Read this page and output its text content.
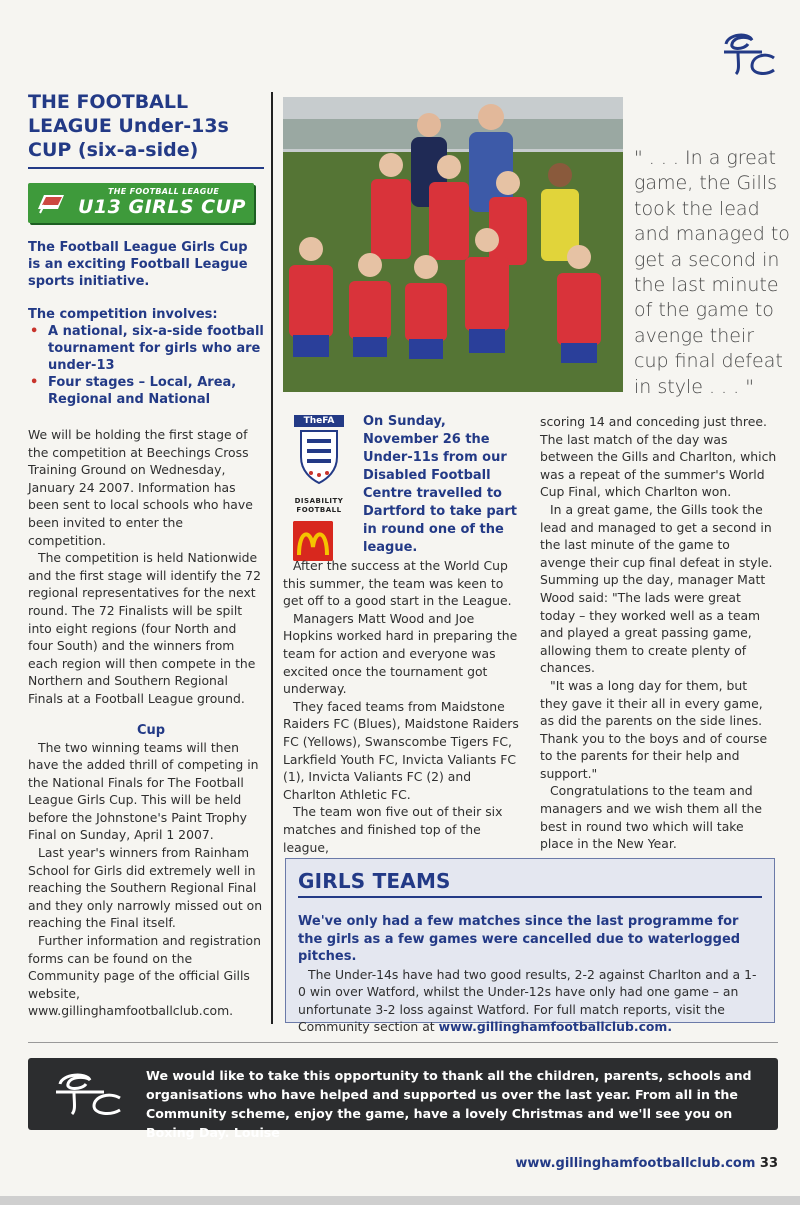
THE FOOTBALL LEAGUE Under-13s CUP (six-a-side)
THE FOOTBALL LEAGUE
U13 GIRLS CUP

The Football League Girls Cup is an exciting Football League sports initiative.

The competition involves:

• A national, six-a-side football tournament for girls who are under-13
• Four stages – Local, Area, Regional and National

We will be holding the first stage of the competition at Beechings Cross Training Ground on Wednesday, January 24 2007. Information has been sent to local schools who have been invited to enter the competition.

The competition is held Nationwide and the first stage will identify the 72 regional representatives for the next round. The 72 Finalists will be spilt into eight regions (four North and four South) and the winners from each region will then compete in the Northern and Southern Regional Finals at a Football League ground.

Cup

The two winning teams will then have the added thrill of competing in the National Finals for The Football League Girls Cup. This will be held before the Johnstone's Paint Trophy Final on Sunday, April 1 2007.

Last year's winners from Rainham School for Girls did extremely well in reaching the Southern Regional Final and they only narrowly missed out on reaching the Final itself.

Further information and registration forms can be found on the Community page of the official Gills website, www.gillinghamfootballclub.com.

" . . . In a great game, the Gills took the lead and managed to get a second in the last minute of the game to avenge their cup final defeat in style . . . "

TheFA

DISABILITY FOOTBALL

On Sunday, November 26 the Under-11s from our Disabled Football Centre travelled to Dartford to take part in round one of the league.

After the success at the World Cup this summer, the team was keen to get off to a good start in the League.

Managers Matt Wood and Joe Hopkins worked hard in preparing the team for action and everyone was excited once the tournament got underway.

They faced teams from Maidstone Raiders FC (Blues), Maidstone Raiders FC (Yellows), Swanscombe Tigers FC, Larkfield Youth FC, Invicta Valiants FC (1), Invicta Valiants FC (2) and Charlton Athletic FC.

The team won five out of their six matches and finished top of the league,

scoring 14 and conceding just three. The last match of the day was between the Gills and Charlton, which was a repeat of the summer's World Cup Final, which Charlton won.

In a great game, the Gills took the lead and managed to get a second in the last minute of the game to avenge their cup final defeat in style. Summing up the day, manager Matt Wood said: "The lads were great today – they worked well as a team and played a great passing game, allowing them to create plenty of chances.

"It was a long day for them, but they gave it their all in every game, as did the parents on the side lines. Thank you to the boys and of course to the parents for their help and support."

Congratulations to the team and managers and we wish them all the best in round two which will take place in the New Year.

GIRLS TEAMS

We've only had a few matches since the last programme for the girls as a few games were cancelled due to waterlogged pitches.

The Under-14s have had two good results, 2-2 against Charlton and a 1-0 win over Watford, whilst the Under-12s have only had one game – an unfortunate 3-2 loss against Watford. For full match reports, visit the Community section at www.gillinghamfootballclub.com.

We would like to take this opportunity to thank all the children, parents, schools and organisations who have helped and supported us over the last year. From all in the Community scheme, enjoy the game, have a lovely Christmas and we'll see you on Boxing Day. Louise

www.gillinghamfootballclub.com 33
